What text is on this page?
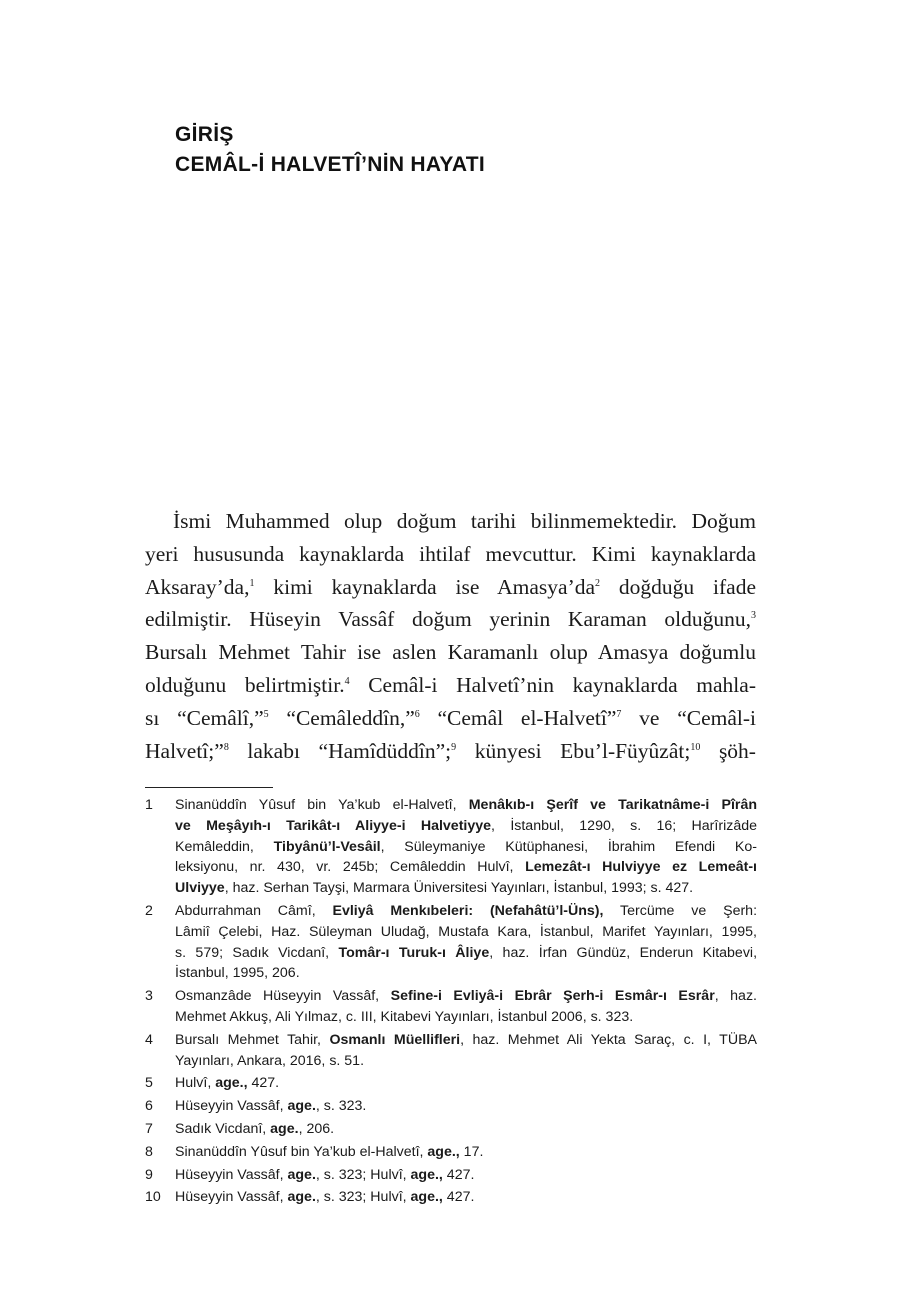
GİRİŞ
CEMÂL-İ HALVETÎ’NİN HAYATI
İsmi Muhammed olup doğum tarihi bilinmemektedir. Doğum
yeri hususunda kaynaklarda ihtilaf mevcuttur. Kimi kaynaklarda
Aksaray’da,$^1$ kimi kaynaklarda ise $Amasya’da^2$ doğduğu ifade
edilmiştir. Hüseyin Vassâf doğum yerinin Karaman olduğunu,$^3$
Bursalı Mehmet Tahir ise aslen Karamanlı olup Amasya doğumlu
olduğunu belirtmiştir.$^4$ Cemâl-i Halvetî’nin kaynaklarda mahla-
sı “Cemâlî,”$^5$ “Cemâleddîn,”$^6$ “Cemâl el-Halvetî”$^7$ ve “Cemâl-i
Halvetî;”$^8$ lakabı “Hamîdüddîn”;$^9$ künyesi Ebu’l-Füyûzât;$^{10}$ şöh-
1 Sinanüddîn Yûsuf bin Ya’kub el-Halvetî, Menâkıb-ı Şerîf ve Tarikatnâme-i Pîrân
ve Meşâyıh-ı Tarikât-ı Aliyye-i Halvetiyye, İstanbul, 1290, s. 16; Harîrizâde
Kemâleddin, Tibyânü’l-Vesâil, Süleymaniye Kütüphanesi, İbrahim Efendi Ko-
leksiyonu, nr. 430, vr. 245b; Cemâleddin Hulvî, Lemezât-ı Hulviyye ez Lemeât-ı
Ulviyye, haz. Serhan Tayşi, Marmara Üniversitesi Yayınları, İstanbul, 1993; s. 427.
2 Abdurrahman Câmî, Evliyâ Menkıbeleri: (Nefahâtü’l-Üns), Tercüme ve Şerh:
Lâmiî Çelebi, Haz. Süleyman Uludağ, Mustafa Kara, İstanbul, Marifet Yayınları, 1995,
s. 579; Sadık Vicdanî, Tomâr-ı Turuk-ı Âliye, haz. İrfan Gündüz, Enderun Kitabevi,
İstanbul, 1995, 206.
3 Osmanzâde Hüseyyin Vassâf, Sefine-i Evliyâ-i Ebrâr Şerh-i Esmâr-ı Esrâr, haz.
Mehmet Akkuş, Ali Yılmaz, c. III, Kitabevi Yayınları, İstanbul 2006, s. 323.
4 Bursalı Mehmet Tahir, Osmanlı Müellifleri, haz. Mehmet Ali Yekta Saraç, c. I, TÜBA
Yayınları, Ankara, 2016, s. 51.
5 Hulvî, age., 427.
6 Hüseyyin Vassâf, age., s. 323.
7 Sadık Vicdanî, age., 206.
8 Sinanüddîn Yûsuf bin Ya’kub el-Halvetî, age., 17.
9 Hüseyyin Vassâf, age., s. 323; Hulvî, age., 427.
10 Hüseyyin Vassâf, age., s. 323; Hulvî, age., 427.
